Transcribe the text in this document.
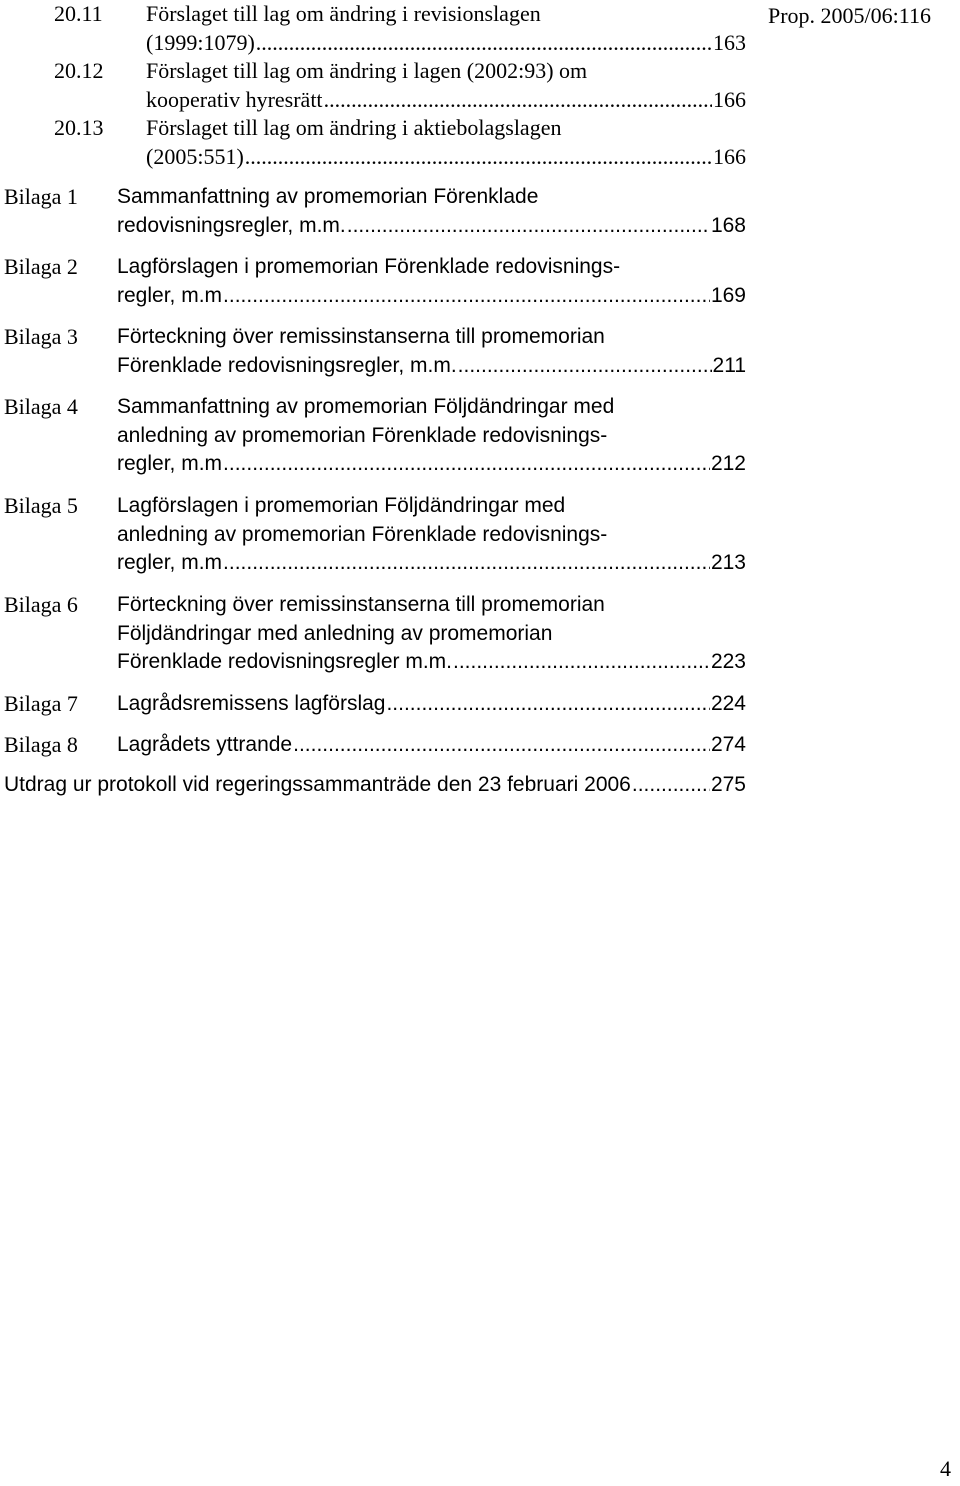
Prop. 2005/06:116
20.11 Förslaget till lag om ändring i revisionslagen
(1999:1079) .....	163
20.12 Förslaget till lag om ändring i lagen (2002:93) om
kooperativ hyresrätt .....	166
20.13 Förslaget till lag om ändring i aktiebolagslagen
(2005:551) .....	166
Bilaga 1 Sammanfattning av promemorian Förenklade
redovisningsregler, m.m. .....	168
Bilaga 2 Lagförslagen i promemorian Förenklade redovisnings-
regler, m.m .....	169
Bilaga 3 Förteckning över remissinstanserna till promemorian
Förenklade redovisningsregler, m.m. .....	211
Bilaga 4 Sammanfattning av promemorian Följdändringar med
anledning av promemorian Förenklade redovisnings-
regler, m.m .....	212
Bilaga 5 Lagförslagen i promemorian Följdändringar med
anledning av promemorian Förenklade redovisnings-
regler, m.m .....	213
Bilaga 6 Förteckning över remissinstanserna till promemorian
Följdändringar med anledning av promemorian
Förenklade redovisningsregler m.m. .....	223
Bilaga 7 Lagrådsremissens lagförslag .....	224
Bilaga 8 Lagrådets yttrande .....	274
Utdrag ur protokoll vid regeringssammanträde den 23 februari 2006 .....	275
4
